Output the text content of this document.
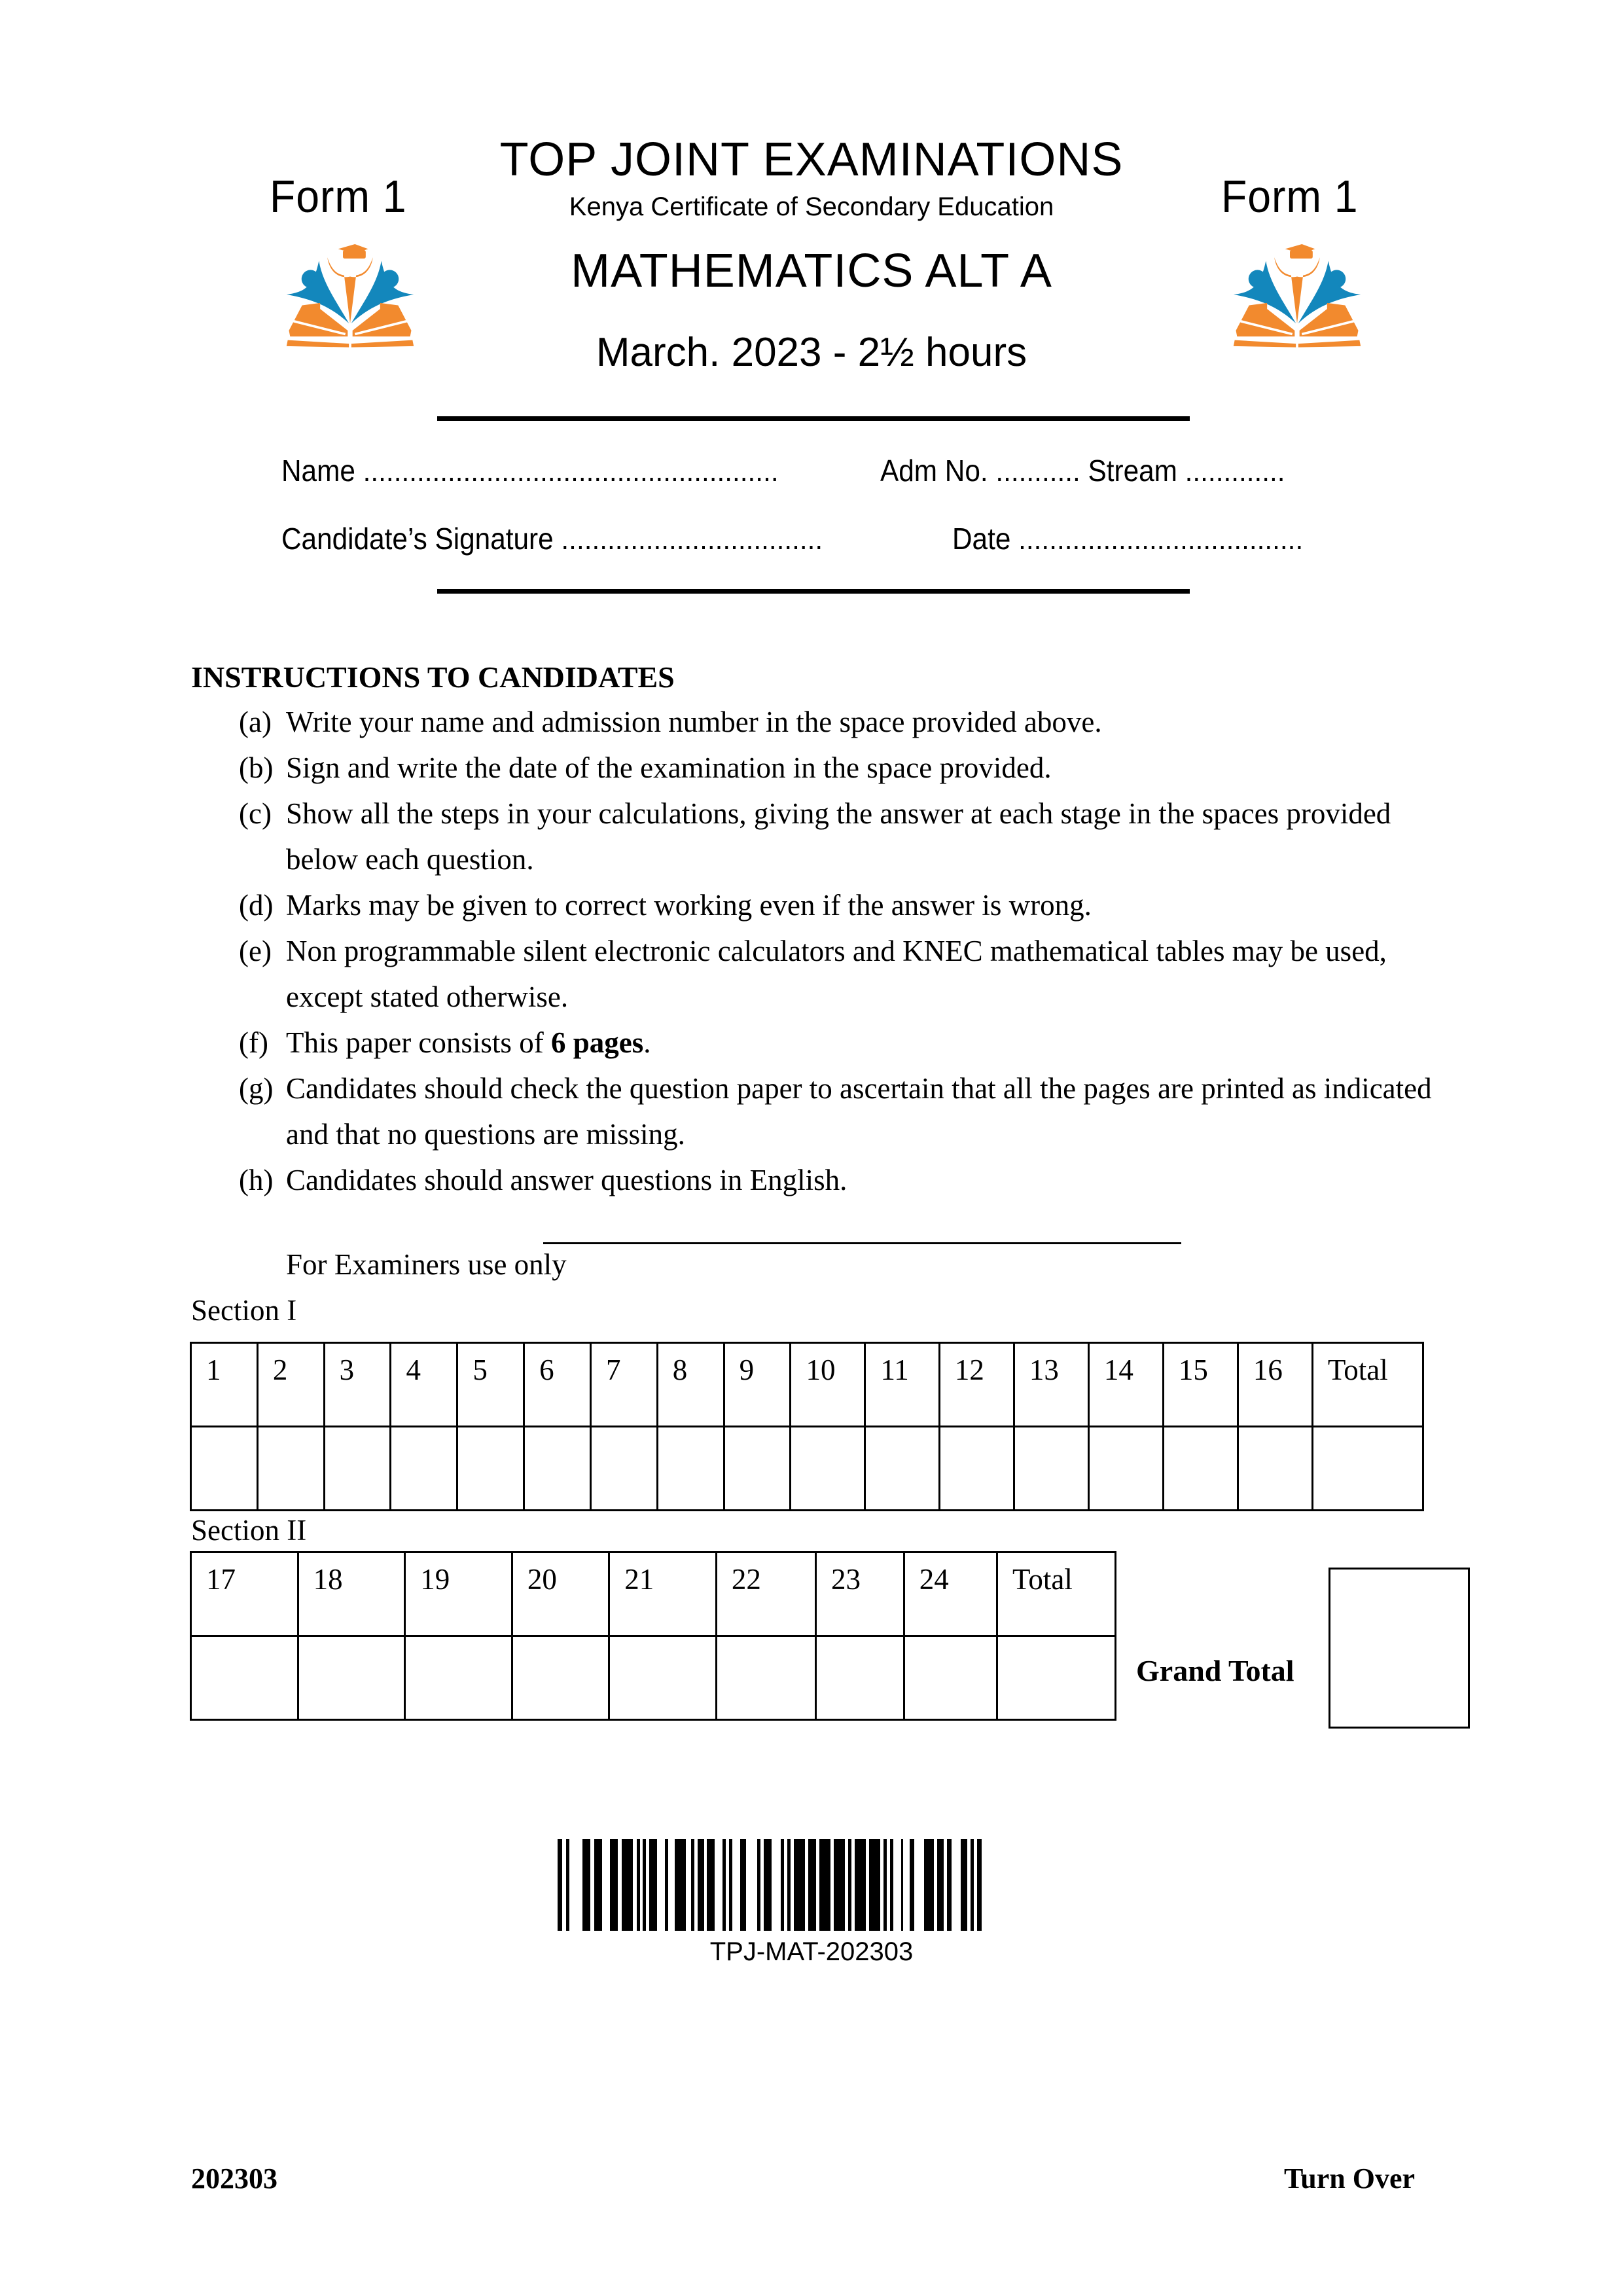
Form 1	Form 1
TOP JOINT EXAMINATIONS
Kenya Certificate of Secondary Education
MATHEMATICS ALT A
March. 2023 - 2½ hours
Name ......................................................	Adm No. ........... Stream .............
Candidate’s Signature ..................................	Date .....................................
INSTRUCTIONS TO CANDIDATES
(a) Write your name and admission number in the space provided above.
(b) Sign and write the date of the examination in the space provided.
(c) Show all the steps in your calculations, giving the answer at each stage in the spaces provided below each question.
(d) Marks may be given to correct working even if the answer is wrong.
(e) Non programmable silent electronic calculators and KNEC mathematical tables may be used, except stated otherwise.
(f) This paper consists of 6 pages.
(g) Candidates should check the question paper to ascertain that all the pages are printed as indicated and that no questions are missing.
(h) Candidates should answer questions in English.
For Examiners use only
Section I
1	2	3	4	5	6	7	8	9	10	11	12	13	14	15	16	Total

Section II
17	18	19	20	21	22	23	24	Total

Grand Total
TPJ-MAT-202303
202303	Turn Over
